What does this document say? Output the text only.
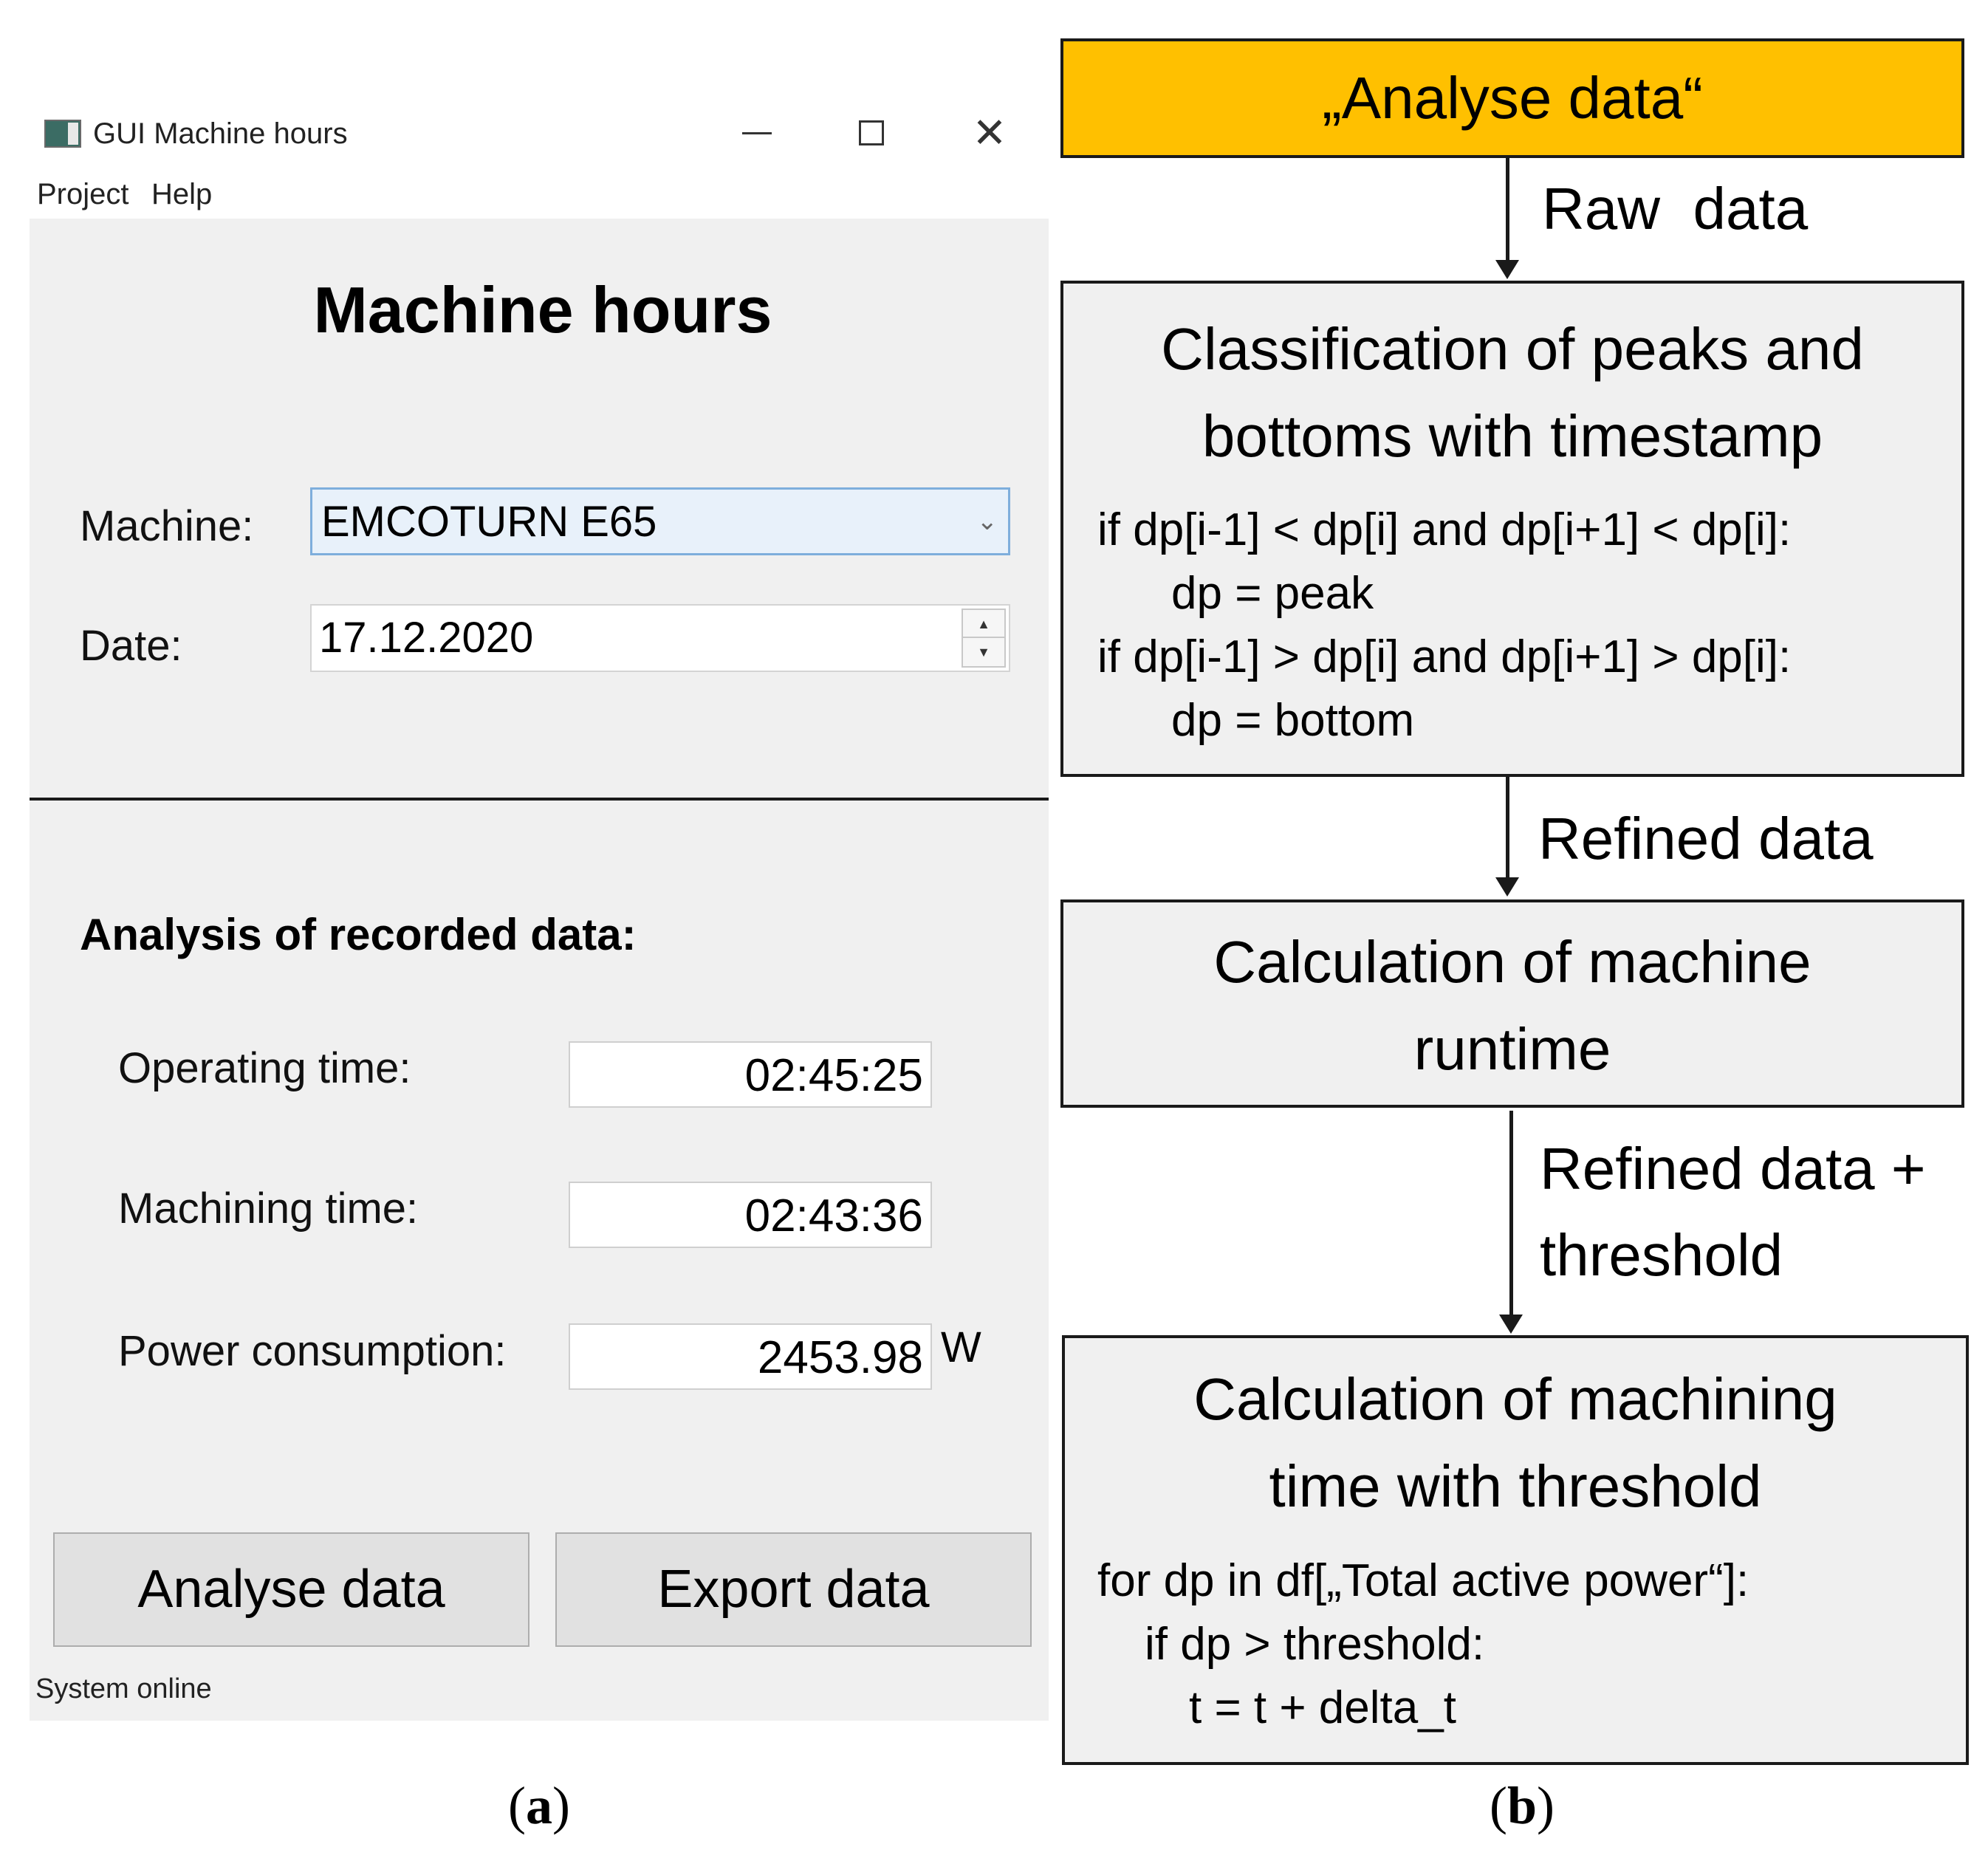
GUI Machine hours	✕
Project Help
Machine hours
Machine: EMCOTURN E65	⌄
Date:	17.12.2020	▲
▼
Analysis of recorded data:
Operating time:	02:45:25
Machining time:	02:43:36
Power consumption:	2453.98 W
Analyse data	Export data
System online
(a)
„Analyse data“
Raw  data
Classification of peaks and
bottoms with timestamp
if dp[i-1] < dp[i] and dp[i+1] < dp[i]:
dp = peak
if dp[i-1] > dp[i] and dp[i+1] > dp[i]:
dp = bottom
Refined data
Calculation of machine
runtime
Refined data +
threshold
Calculation of machining
time with threshold
for dp in df[„Total active power“]:
if dp > threshold:
t = t + delta_t
(b)
